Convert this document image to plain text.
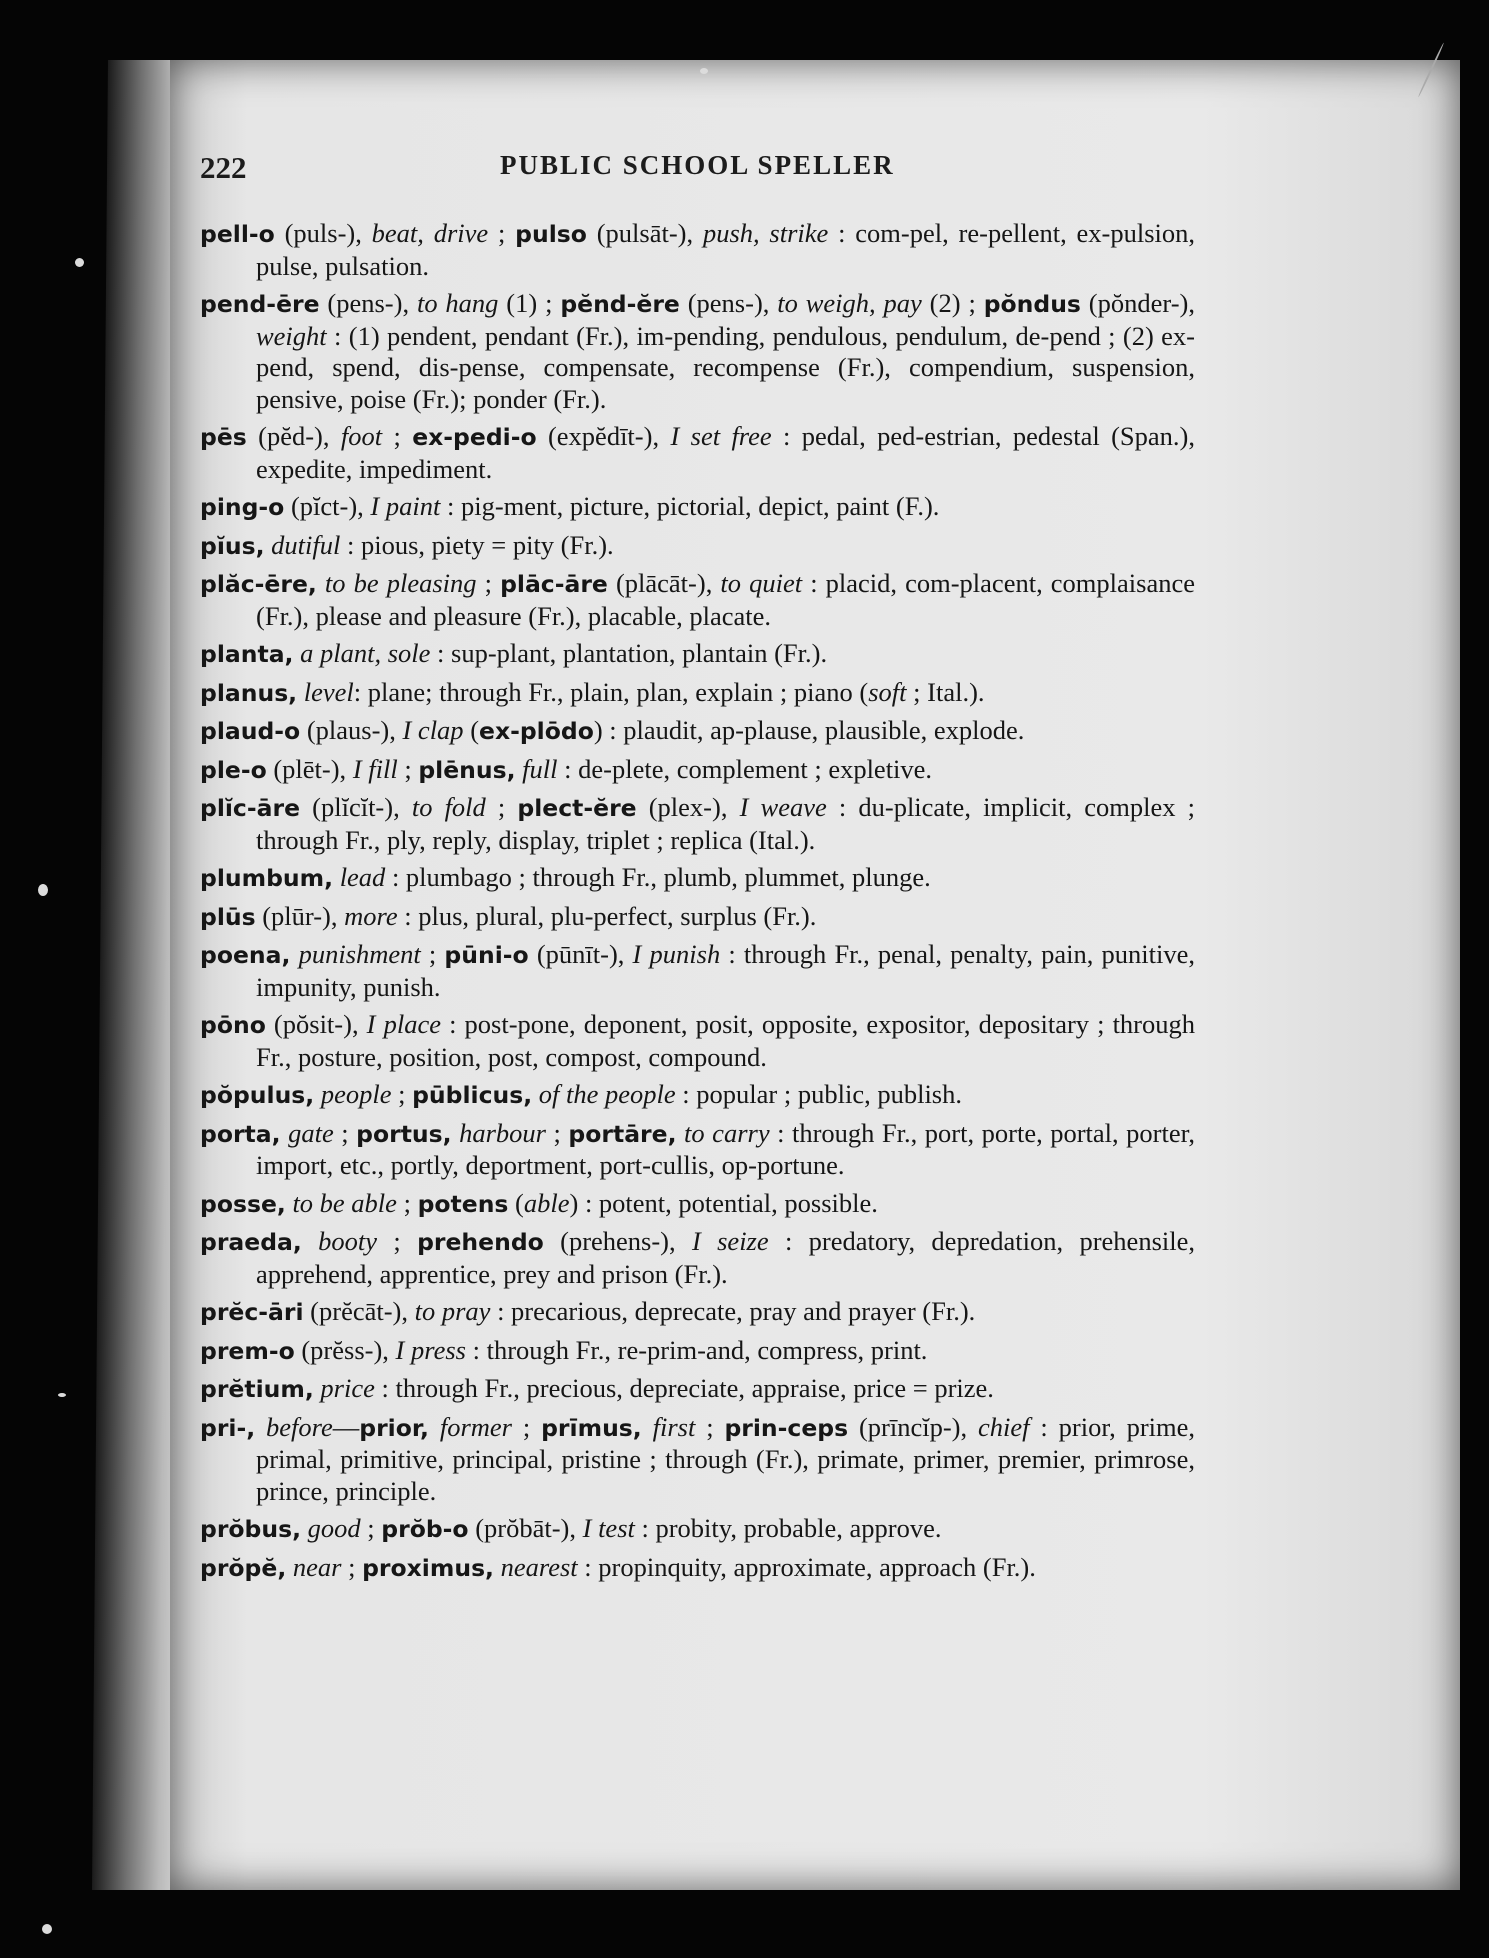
222	PUBLIC SCHOOL SPELLER

pell-o (puls-), beat, drive ; pulso (pulsāt-), push, strike : com-pel, re-pellent, ex-pulsion, pulse, pulsation.

pend-ēre (pens-), to hang (1) ; pĕnd-ĕre (pens-), to weigh, pay (2) ; pŏndus (pŏnder-), weight : (1) pendent, pendant (Fr.), im-pending, pendulous, pendulum, de-pend ; (2) ex-pend, spend, dis-pense, compensate, recompense (Fr.), compendium, suspension, pensive, poise (Fr.); ponder (Fr.).

pēs (pĕd-), foot ; ex-pedi-o (expĕdīt-), I set free : pedal, ped-estrian, pedestal (Span.), expedite, impediment.

ping-o (pĭct-), I paint : pig-ment, picture, pictorial, depict, paint (F.).

pĭus, dutiful : pious, piety = pity (Fr.).

plăc-ēre, to be pleasing ; plāc-āre (plācāt-), to quiet : placid, com-placent, complaisance (Fr.), please and pleasure (Fr.), placable, placate.

planta, a plant, sole : sup-plant, plantation, plantain (Fr.).

planus, level: plane; through Fr., plain, plan, explain ; piano (soft ; Ital.).

plaud-o (plaus-), I clap (ex-plōdo) : plaudit, ap-plause, plausible, explode.

ple-o (plēt-), I fill ; plēnus, full : de-plete, complement ; expletive.

plĭc-āre (plĭcĭt-), to fold ; plect-ĕre (plex-), I weave : du-plicate, implicit, complex ; through Fr., ply, reply, display, triplet ; replica (Ital.).

plumbum, lead : plumbago ; through Fr., plumb, plummet, plunge.

plūs (plūr-), more : plus, plural, plu-perfect, surplus (Fr.).

poena, punishment ; pūni-o (pūnīt-), I punish : through Fr., penal, penalty, pain, punitive, impunity, punish.

pōno (pŏsit-), I place : post-pone, deponent, posit, opposite, expositor, depositary ; through Fr., posture, position, post, compost, compound.

pŏpulus, people ; pūblicus, of the people : popular ; public, publish.

porta, gate ; portus, harbour ; portāre, to carry : through Fr., port, porte, portal, porter, import, etc., portly, deportment, port-cullis, op-portune.

posse, to be able ; potens (able) : potent, potential, possible.

praeda, booty ; prehendo (prehens-), I seize : predatory, depredation, prehensile, apprehend, apprentice, prey and prison (Fr.).

prĕc-āri (prĕcāt-), to pray : precarious, deprecate, pray and prayer (Fr.).

prem-o (prĕss-), I press : through Fr., re-prim-and, compress, print.

prĕtium, price : through Fr., precious, depreciate, appraise, price = prize.

pri-, before—prior, former ; prīmus, first ; prin-ceps (prīncĭp-), chief : prior, prime, primal, primitive, principal, pristine ; through (Fr.), primate, primer, premier, primrose, prince, principle.

prŏbus, good ; prŏb-o (prŏbāt-), I test : probity, probable, approve.

prŏpĕ, near ; proximus, nearest : propinquity, approximate, approach (Fr.).
